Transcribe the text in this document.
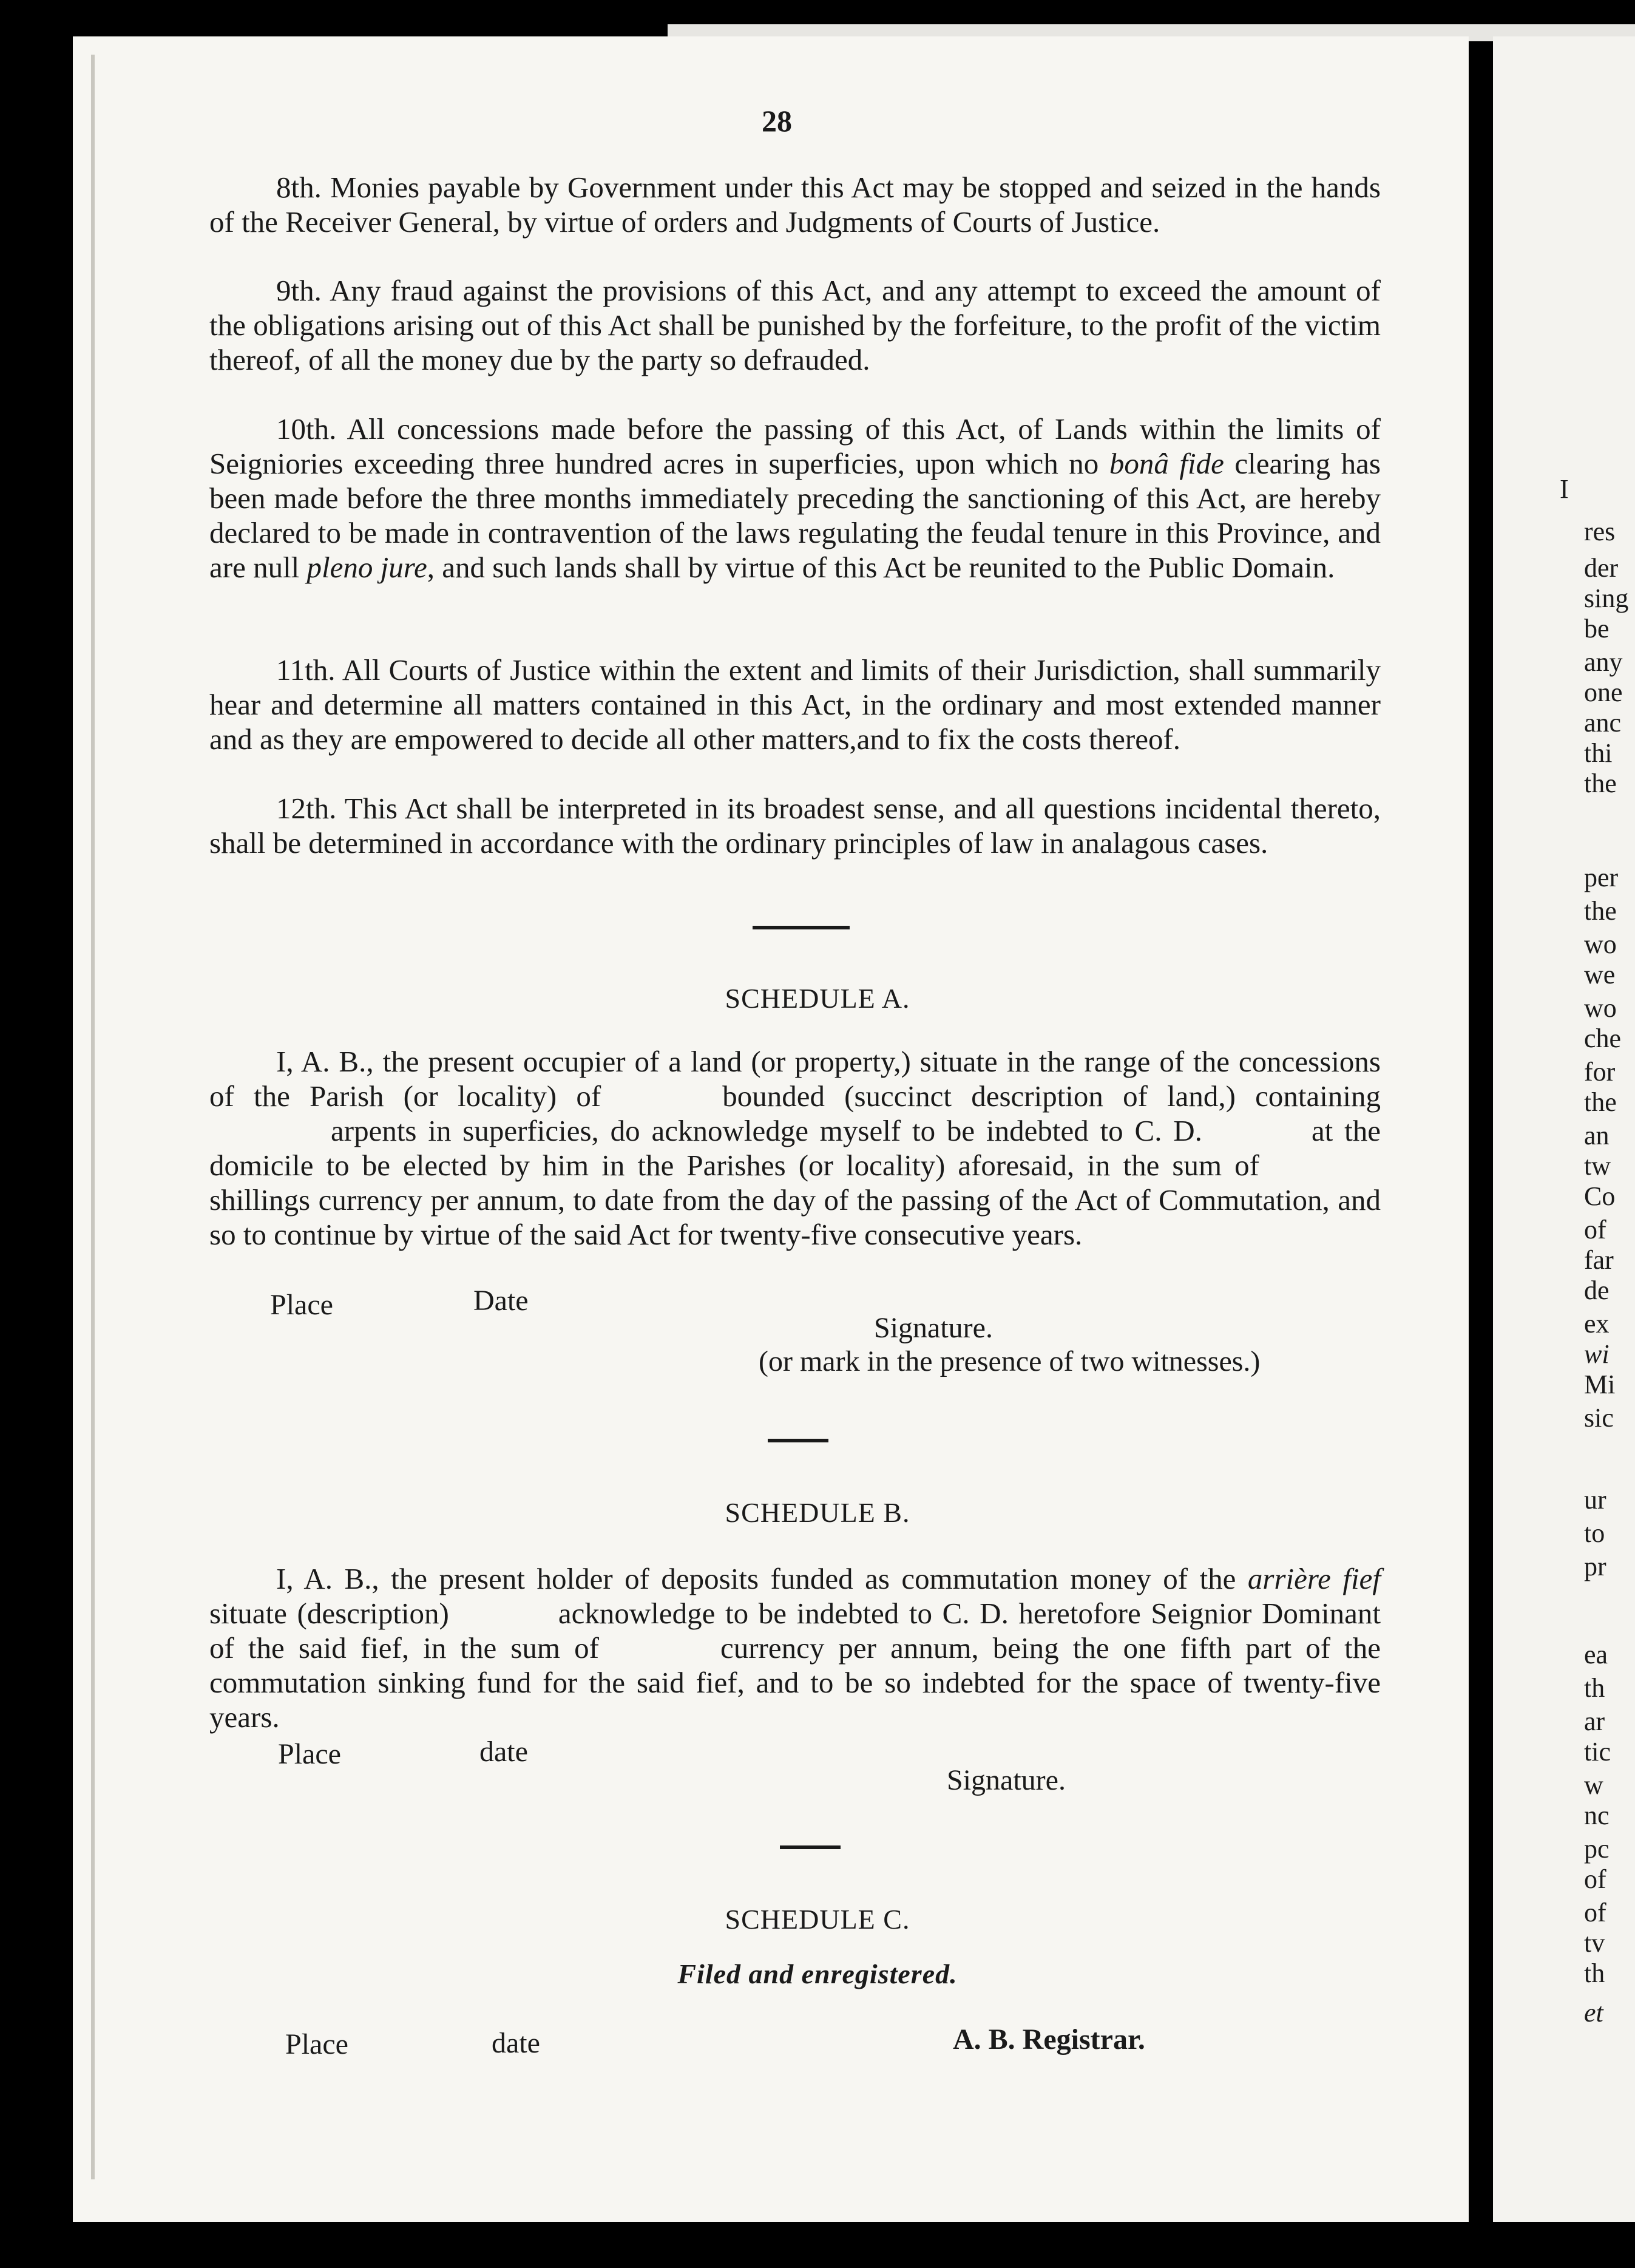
28
8th. Monies payable by Government under this Act may be stopped and seized in the hands of the Receiver General, by virtue of orders and Judgments of Courts of Justice.
9th. Any fraud against the provisions of this Act, and any attempt to exceed the amount of the obligations arising out of this Act shall be punished by the forfeiture, to the profit of the victim thereof, of all the money due by the party so defrauded.
10th. All concessions made before the passing of this Act, of Lands within the limits of Seigniories exceeding three hundred acres in superficies, upon which no bonâ fide clearing has been made before the three months immediately preceding the sanctioning of this Act, are hereby declared to be made in contravention of the laws regulating the feudal tenure in this Province, and are null pleno jure, and such lands shall by virtue of this Act be reunited to the Public Domain.
11th. All Courts of Justice within the extent and limits of their Jurisdiction, shall summarily hear and determine all matters contained in this Act, in the ordinary and most extended manner and as they are empowered to decide all other matters,and to fix the costs thereof.
12th. This Act shall be interpreted in its broadest sense, and all questions incidental thereto, shall be determined in accordance with the ordinary principles of law in analagous cases.
SCHEDULE A.
I, A. B., the present occupier of a land (or property,) situate in the range of the concessions of the Parish (or locality) of	bounded (succinct description of land,) containingarpents in superficies, do acknowledge myself to be indebted to C. D.	at the domicile to be elected by him in the Parishes (or locality) aforesaid, in the sum ofshillings currency per annum, to date from the day of the passing of the Act of Commutation, and so to continue by virtue of the said Act for twenty-five consecutive years.
Place	Date
Signature.
(or mark in the presence of two witnesses.)
SCHEDULE B.
I, A. B., the present holder of deposits funded as commutation money of the arrière fief situate (description)	acknowledge to be indebted to C. D. heretofore Seignior Dominant of the said fief, in the sum of	currency per annum, being the one fifth part of the commutation sinking fund for the said fief, and to be so indebted for the space of twenty-five years.
Place	date
Signature.
SCHEDULE C.
Filed and enregistered.
Place	date	A. B. Registrar.
I
res
der
sing
be
any
one
anc
thi
the
per
the
wo
we
wo
che
for
the
an
tw
Co
of
far
de
ex
wi
Mi
sic
ur
to
pr
ea
th
ar
tic
w
nc
pc
of
of
tv
th
et
